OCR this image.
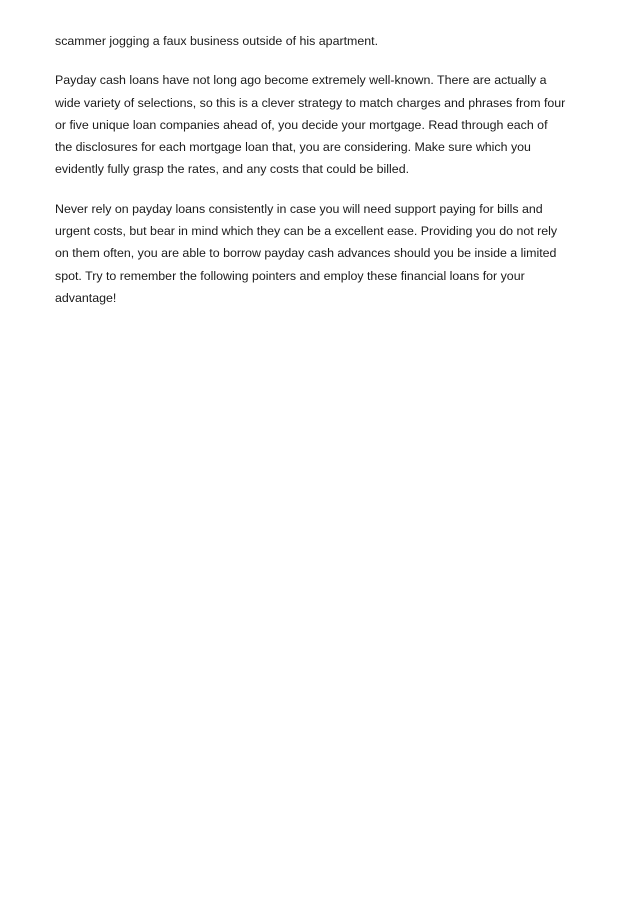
scammer jogging a faux business outside of his apartment.

Payday cash loans have not long ago become extremely well-known. There are actually a
wide variety of selections, so this is a clever strategy to match charges and phrases from four
or five unique loan companies ahead of, you decide your mortgage. Read through each of
the disclosures for each mortgage loan that, you are considering. Make sure which you
evidently fully grasp the rates, and any costs that could be billed.

Never rely on payday loans consistently in case you will need support paying for bills and
urgent costs, but bear in mind which they can be a excellent ease. Providing you do not rely
on them often, you are able to borrow payday cash advances should you be inside a limited
spot. Try to remember the following pointers and employ these financial loans for your
advantage!
